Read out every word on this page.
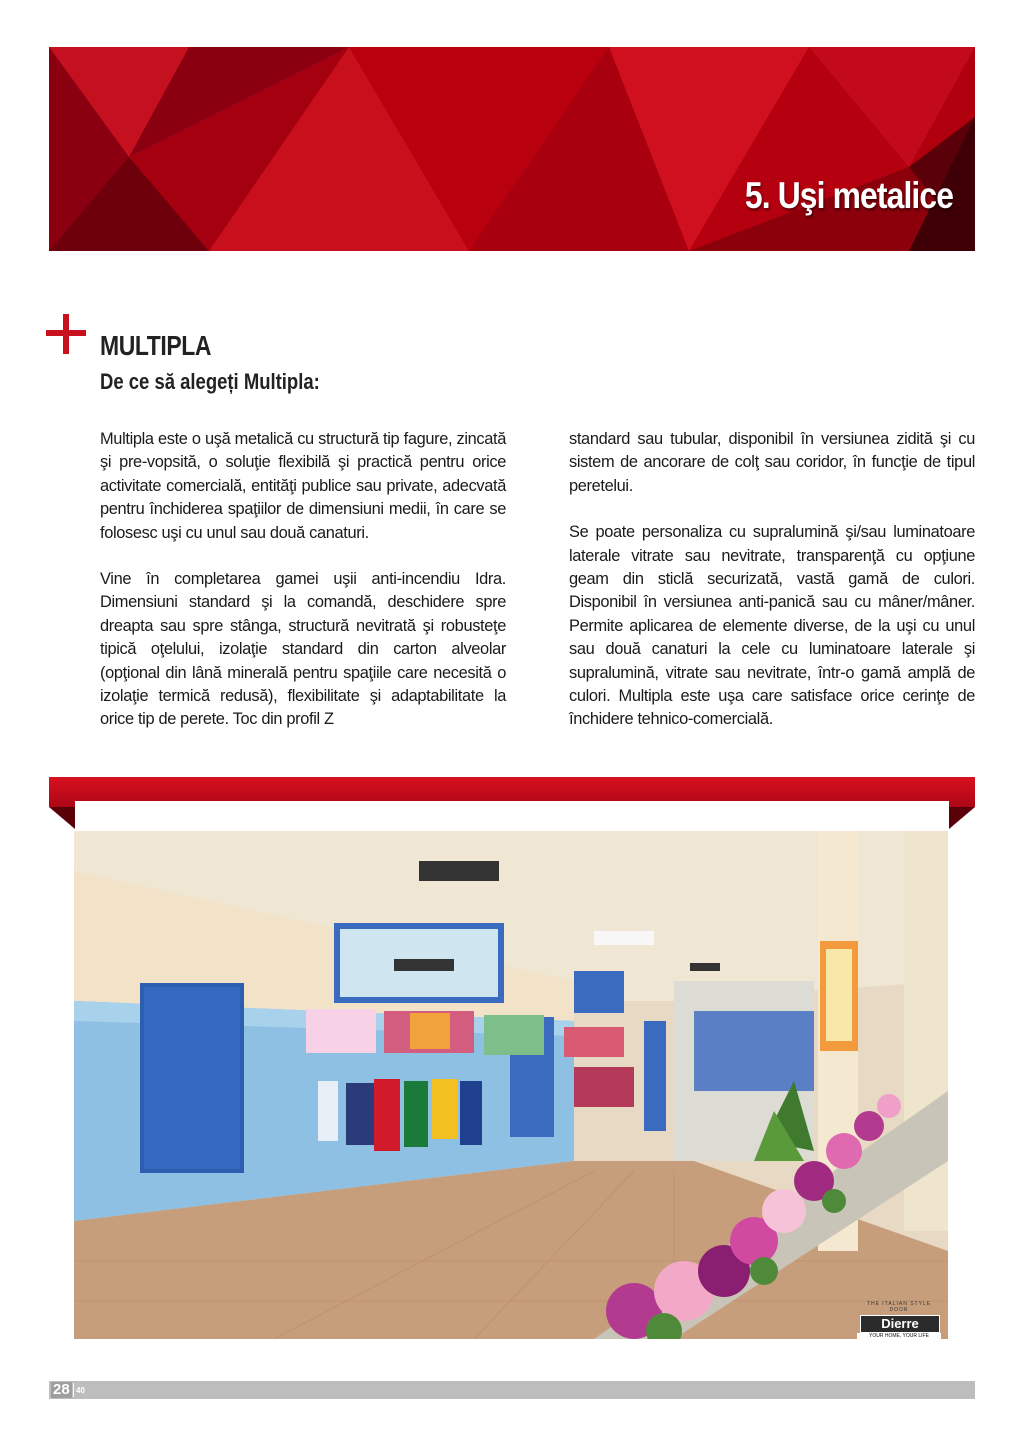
5. Uşi metalice
MULTIPLA
De ce să alegeți Multipla:

Multipla este o uşă metalică cu structură tip fagure, zincată şi pre-vopsită, o soluţie flexibilă şi practică pentru orice activitate comercială, entităţi publice sau private, adecvată pentru închiderea spaţiilor de dimensiuni medii, în care se folosesc uşi cu unul sau două canaturi.

Vine în completarea gamei uşii anti-incendiu Idra. Dimensiuni standard şi la comandă, deschidere spre dreapta sau spre stânga, structură nevitrată şi robusteţe tipică oţelului, izolaţie standard din carton alveolar (opţional din lână minerală pentru spaţiile care necesită o izolaţie termică redusă), flexibilitate şi adaptabilitate la orice tip de perete. Toc din profil Z

standard sau tubular, disponibil în versiunea zidită şi cu sistem de ancorare de colţ sau coridor, în funcţie de tipul peretelui.

Se poate personaliza cu supralumină şi/sau luminatoare laterale vitrate sau nevitrate, transparenţă cu opţiune geam din sticlă securizată, vastă gamă de culori. Disponibil în versiunea anti-panică sau cu mâner/mâner. Permite aplicarea de elemente diverse, de la uşi cu unul sau două canaturi la cele cu luminatoare laterale şi supralumină, vitrate sau nevitrate, într-o gamă amplă de culori. Multipla este uşa care satisface orice cerinţe de închidere tehnico-comercială.

THE ITALIAN STYLE DOOR
Dierre
YOUR HOME, YOUR LIFE
28 40
